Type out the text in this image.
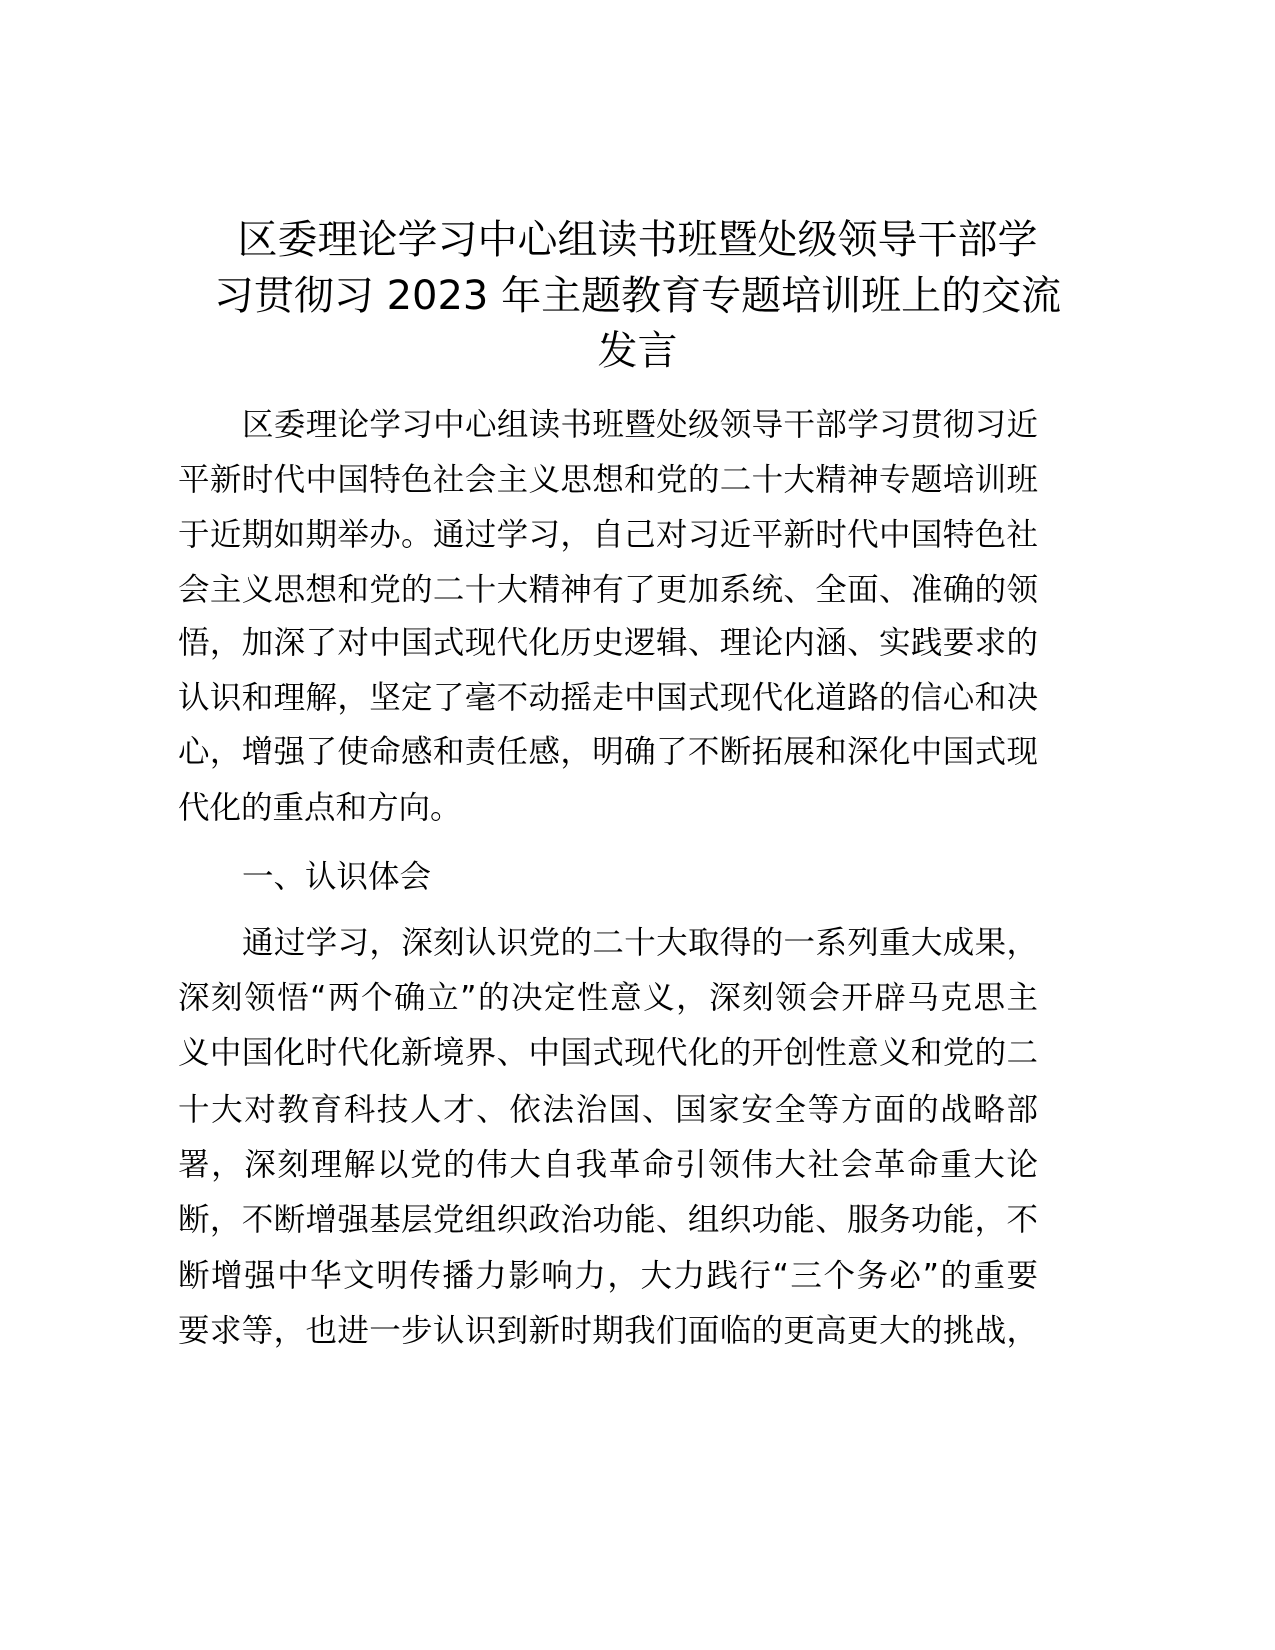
区委理论学习中心组读书班暨处级领导干部学
习贯彻习 2023 年主题教育专题培训班上的交流
发言
区委理论学习中心组读书班暨处级领导干部学习贯彻习近
平新时代中国特色社会主义思想和党的二十大精神专题培训班
于近期如期举办。通过学习，自己对习近平新时代中国特色社
会主义思想和党的二十大精神有了更加系统、全面、准确的领
悟，加深了对中国式现代化历史逻辑、理论内涵、实践要求的
认识和理解，坚定了毫不动摇走中国式现代化道路的信心和决
心，增强了使命感和责任感，明确了不断拓展和深化中国式现
代化的重点和方向。
一、认识体会
通过学习，深刻认识党的二十大取得的一系列重大成果，
深刻领悟“两个确立”的决定性意义，深刻领会开辟马克思主
义中国化时代化新境界、中国式现代化的开创性意义和党的二
十大对教育科技人才、依法治国、国家安全等方面的战略部
署，深刻理解以党的伟大自我革命引领伟大社会革命重大论
断，不断增强基层党组织政治功能、组织功能、服务功能，不
断增强中华文明传播力影响力，大力践行“三个务必”的重要
要求等，也进一步认识到新时期我们面临的更高更大的挑战，
